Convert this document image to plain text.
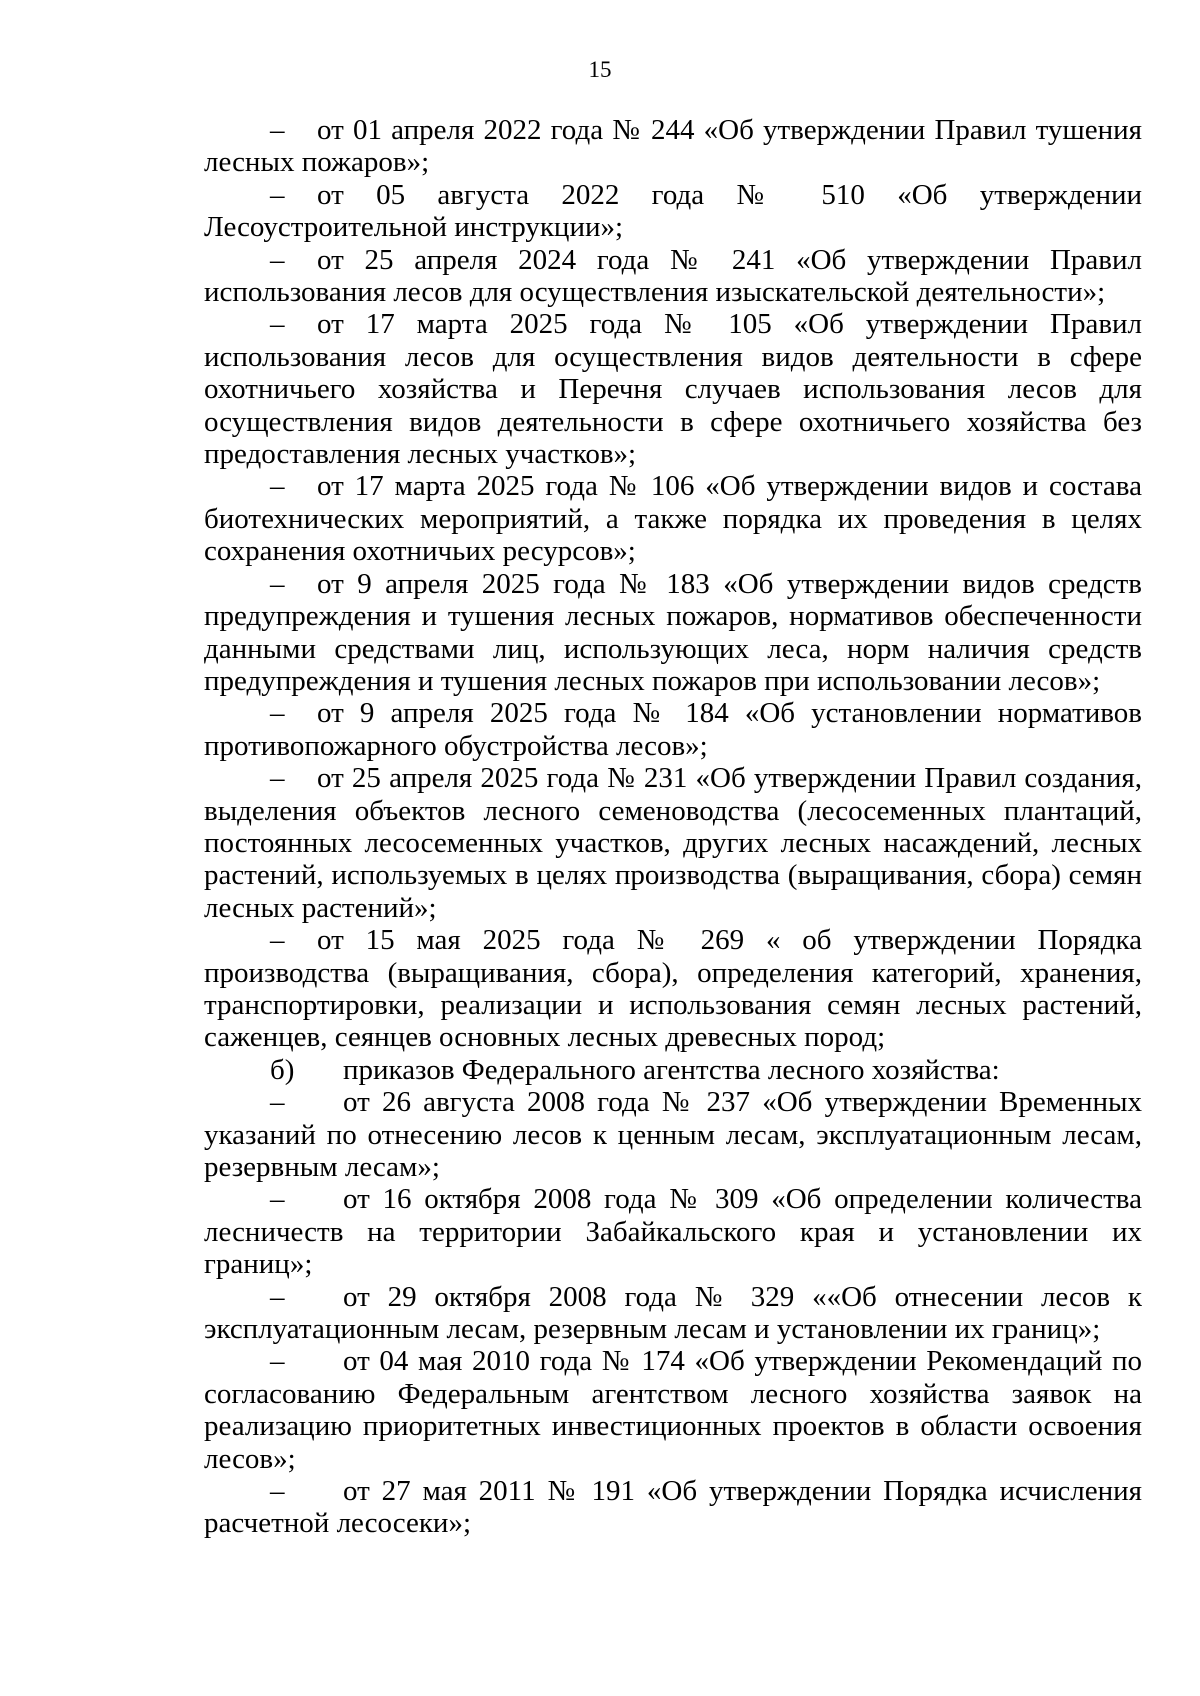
15

– от 01 апреля 2022 года № 244 «Об утверждении Правил тушения лесных пожаров»;

– от 05 августа 2022 года № 510 «Об утверждении Лесоустроительной инструкции»;

– от 25 апреля 2024 года № 241 «Об утверждении Правил использования лесов для осуществления изыскательской деятельности»;

– от 17 марта 2025 года № 105 «Об утверждении Правил использования лесов для осуществления видов деятельности в сфере охотничьего хозяйства и Перечня случаев использования лесов для осуществления видов деятельности в сфере охотничьего хозяйства без предоставления лесных участков»;

– от 17 марта 2025 года № 106 «Об утверждении видов и состава биотехнических мероприятий, а также порядка их проведения в целях сохранения охотничьих ресурсов»;

– от 9 апреля 2025 года № 183 «Об утверждении видов средств предупреждения и тушения лесных пожаров, нормативов обеспеченности данными средствами лиц, использующих леса, норм наличия средств предупреждения и тушения лесных пожаров при использовании лесов»;

– от 9 апреля 2025 года № 184 «Об установлении нормативов противопожарного обустройства лесов»;

– от 25 апреля 2025 года № 231 «Об утверждении Правил создания, выделения объектов лесного семеноводства (лесосеменных плантаций, постоянных лесосеменных участков, других лесных насаждений, лесных растений, используемых в целях производства (выращивания, сбора) семян лесных растений»;

– от 15 мая 2025 года № 269 « об утверждении Порядка производства (выращивания, сбора), определения категорий, хранения, транспортировки, реализации и использования семян лесных растений, саженцев, сеянцев основных лесных древесных пород;

б) приказов Федерального агентства лесного хозяйства:

– от 26 августа 2008 года № 237 «Об утверждении Временных указаний по отнесению лесов к ценным лесам, эксплуатационным лесам, резервным лесам»;

– от 16 октября 2008 года № 309 «Об определении количества лесничеств на территории Забайкальского края и установлении их границ»;

– от 29 октября 2008 года № 329 ««Об отнесении лесов к эксплуатационным лесам, резервным лесам и установлении их границ»;

– от 04 мая 2010 года № 174 «Об утверждении Рекомендаций по согласованию Федеральным агентством лесного хозяйства заявок на реализацию приоритетных инвестиционных проектов в области освоения лесов»;

– от 27 мая 2011 № 191 «Об утверждении Порядка исчисления расчетной лесосеки»;
